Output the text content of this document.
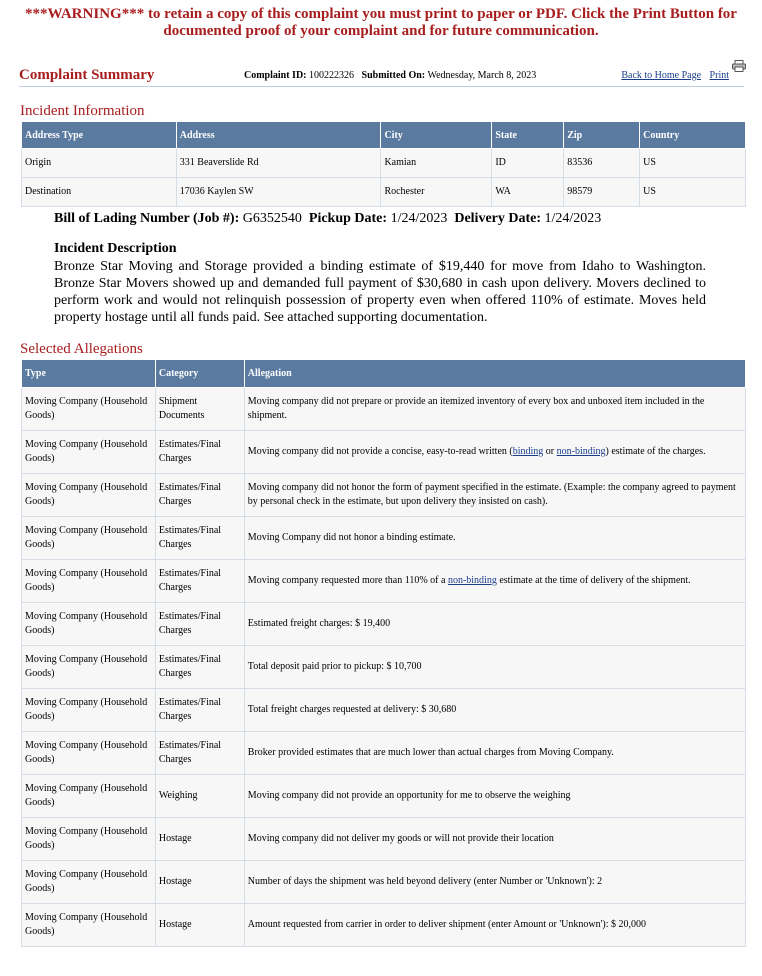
***WARNING*** to retain a copy of this complaint you must print to paper or PDF. Click the Print Button for documented proof of your complaint and for future communication.
Complaint Summary	Complaint ID: 100222326 Submitted On: Wednesday, March 8, 2023	Back to Home Page Print
Incident Information
Address Type	Address	City	State	Zip	Country
Origin	331 Beaverslide Rd	Kamian	ID	83536	US
Destination	17036 Kaylen SW	Rochester	WA	98579	US
Bill of Lading Number (Job #): G6352540 Pickup Date: 1/24/2023 Delivery Date: 1/24/2023
Incident Description
Bronze Star Moving and Storage provided a binding estimate of $19,440 for move from Idaho to Washington. Bronze Star Movers showed up and demanded full payment of $30,680 in cash upon delivery. Movers declined to perform work and would not relinquish possession of property even when offered 110% of estimate. Moves held property hostage until all funds paid. See attached supporting documentation.
Selected Allegations
Type	Category	Allegation
Moving Company (Household Goods)	Shipment Documents	Moving company did not prepare or provide an itemized inventory of every box and unboxed item included in the shipment.
Moving Company (Household Goods)	Estimates/Final Charges	Moving company did not provide a concise, easy-to-read written (binding or non-binding) estimate of the charges.
Moving Company (Household Goods)	Estimates/Final Charges	Moving company did not honor the form of payment specified in the estimate. (Example: the company agreed to payment by personal check in the estimate, but upon delivery they insisted on cash).
Moving Company (Household Goods)	Estimates/Final Charges	Moving Company did not honor a binding estimate.
Moving Company (Household Goods)	Estimates/Final Charges	Moving company requested more than 110% of a non-binding estimate at the time of delivery of the shipment.
Moving Company (Household Goods)	Estimates/Final Charges	Estimated freight charges: $ 19,400
Moving Company (Household Goods)	Estimates/Final Charges	Total deposit paid prior to pickup: $ 10,700
Moving Company (Household Goods)	Estimates/Final Charges	Total freight charges requested at delivery: $ 30,680
Moving Company (Household Goods)	Estimates/Final Charges	Broker provided estimates that are much lower than actual charges from Moving Company.
Moving Company (Household Goods)	Weighing	Moving company did not provide an opportunity for me to observe the weighing
Moving Company (Household Goods)	Hostage	Moving company did not deliver my goods or will not provide their location
Moving Company (Household Goods)	Hostage	Number of days the shipment was held beyond delivery (enter Number or 'Unknown'): 2
Moving Company (Household Goods)	Hostage	Amount requested from carrier in order to deliver shipment (enter Amount or 'Unknown'): $ 20,000
